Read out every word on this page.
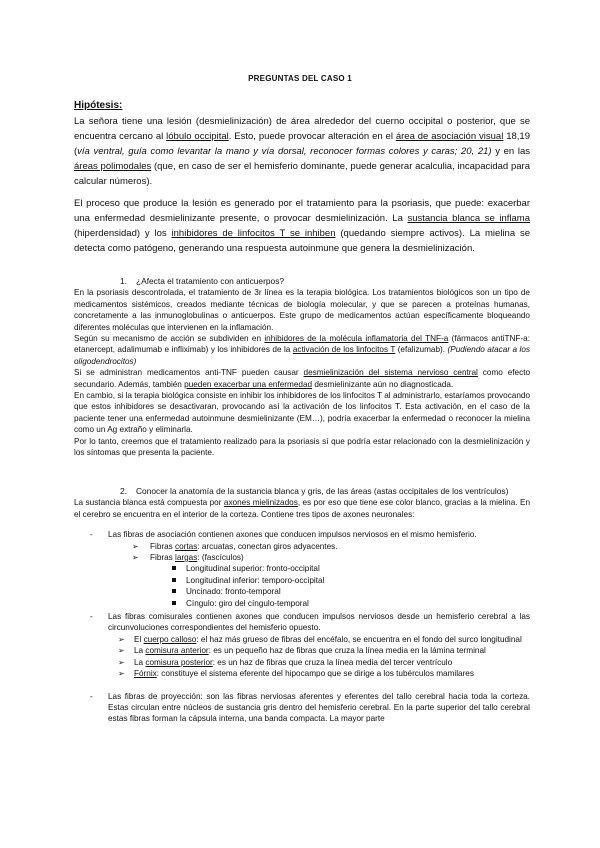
PREGUNTAS DEL CASO 1
Hipótesis:
La señora tiene una lesión (desmielinización) de área alrededor del cuerno occipital o posterior, que se encuentra cercano al lóbulo occipital. Esto, puede provocar alteración en el área de asociación visual 18,19 (vía ventral, guía como levantar la mano y vía dorsal, reconocer formas colores y caras; 20, 21) y en las áreas polimodales (que, en caso de ser el hemisferio dominante, puede generar acalculia, incapacidad para calcular números).
El proceso que produce la lesión es generado por el tratamiento para la psoriasis, que puede: exacerbar una enfermedad desmielinizante presente, o provocar desmielinización. La sustancia blanca se inflama (hiperdensidad) y los inhibidores de linfocitos T se inhiben (quedando siempre activos). La mielina se detecta como patógeno, generando una respuesta autoinmune que genera la desmielinización.
1. ¿Afecta el tratamiento con anticuerpos?
En la psoriasis descontrolada, el tratamiento de 3r línea es la terapia biológica. Los tratamientos biológicos son un tipo de medicamentos sistémicos, creados mediante técnicas de biología molecular, y que se parecen a proteínas humanas, concretamente a las inmunoglobulinas o anticuerpos. Este grupo de medicamentos actúan específicamente bloqueando diferentes moléculas que intervienen en la inflamación.
Según su mecanismo de acción se subdividen en inhibidores de la molécula inflamatoria del TNF-a (fármacos antiTNF-a: etanercept, adalimumab e infliximab) y los inhibidores de la activación de los linfocitos T (efalizumab). (Pudiendo atacar a los oligodendrocitos)
Si se administran medicamentos anti-TNF pueden causar desmielinización del sistema nervioso central como efecto secundario. Además, también pueden exacerbar una enfermedad desmielinizante aún no diagnosticada.
En cambio, si la terapia biológica consiste en inhibir los inhibidores de los linfocitos T al administrarlo, estaríamos provocando que estos inhibidores se desactivaran, provocando así la activación de los linfocitos T. Esta activación, en el caso de la paciente tener una enfermedad autoinmune desmielinizante (EM…), podría exacerbar la enfermedad o reconocer la mielina como un Ag extraño y eliminarla.
Por lo tanto, creemos que el tratamiento realizado para la psoriasis sí que podría estar relacionado con la desmielinización y los síntomas que presenta la paciente.
2. Conocer la anatomía de la sustancia blanca y gris, de las áreas (astas occipitales de los ventrículos)
La sustancia blanca está compuesta por axones mielinizados, es por eso que tiene ese color blanco, gracias a la mielina. En el cerebro se encuentra en el interior de la corteza. Contiene tres tipos de axones neuronales:
- Las fibras de asociación contienen axones que conducen impulsos nerviosos en el mismo hemisferio.
➢ Fibras cortas: arcuatas, conectan giros adyacentes.
➢ Fibras largas: (fascículos)
Longitudinal superior: fronto-occipital
Longitudinal inferior: temporo-occipital
Uncinado: fronto-temporal
Cíngulo: giro del cíngulo-temporal
- Las fibras comisurales contienen axones que conducen impulsos nerviosos desde un hemisferio cerebral a las circunvoluciones correspondientes del hemisferio opuesto.
➢ El cuerpo calloso: el haz más grueso de fibras del encéfalo, se encuentra en el fondo del surco longitudinal
➢ La comisura anterior: es un pequeño haz de fibras que cruza la línea media en la lámina terminal
➢ La comisura posterior: es un haz de fibras que cruza la línea media del tercer ventrículo
➢ Fórnix: constituye el sistema eferente del hipocampo que se dirige a los tubérculos mamilares
- Las fibras de proyección: son las fibras nerviosas aferentes y eferentes del tallo cerebral hacia toda la corteza. Estas circulan entre núcleos de sustancia gris dentro del hemisferio cerebral. En la parte superior del tallo cerebral estas fibras forman la cápsula interna, una banda compacta. La mayor parte
